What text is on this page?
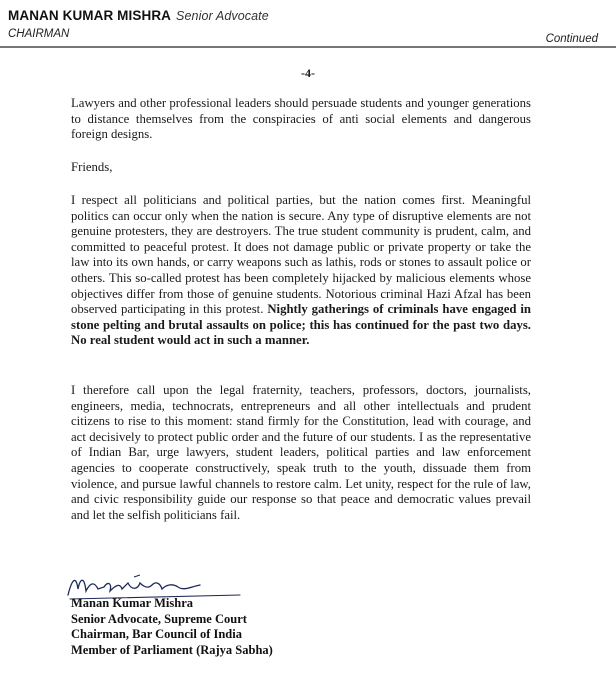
MANAN KUMAR MISHRA Senior Advocate
CHAIRMAN	Continued
-4-

Lawyers and other professional leaders should persuade students and younger generations to distance themselves from the conspiracies of anti social elements and dangerous foreign designs.

Friends,

I respect all politicians and political parties, but the nation comes first. Meaningful politics can occur only when the nation is secure. Any type of disruptive elements are not genuine protesters, they are destroyers. The true student community is prudent, calm, and committed to peaceful protest. It does not damage public or private property or take the law into its own hands, or carry weapons such as lathis, rods or stones to assault police or others. This so-called protest has been completely hijacked by malicious elements whose objectives differ from those of genuine students. Notorious criminal Hazi Afzal has been observed participating in this protest. Nightly gatherings of criminals have engaged in stone pelting and brutal assaults on police; this has continued for the past two days. No real student would act in such a manner.

I therefore call upon the legal fraternity, teachers, professors, doctors, journalists, engineers, media, technocrats, entrepreneurs and all other intellectuals and prudent citizens to rise to this moment: stand firmly for the Constitution, lead with courage, and act decisively to protect public order and the future of our students. I as the representative of Indian Bar, urge lawyers, student leaders, political parties and law enforcement agencies to cooperate constructively, speak truth to the youth, dissuade them from violence, and pursue lawful channels to restore calm. Let unity, respect for the rule of law, and civic responsibility guide our response so that peace and democratic values prevail and let the selfish politicians fail.

Manan Kumar Mishra
Senior Advocate, Supreme Court
Chairman, Bar Council of India
Member of Parliament (Rajya Sabha)
